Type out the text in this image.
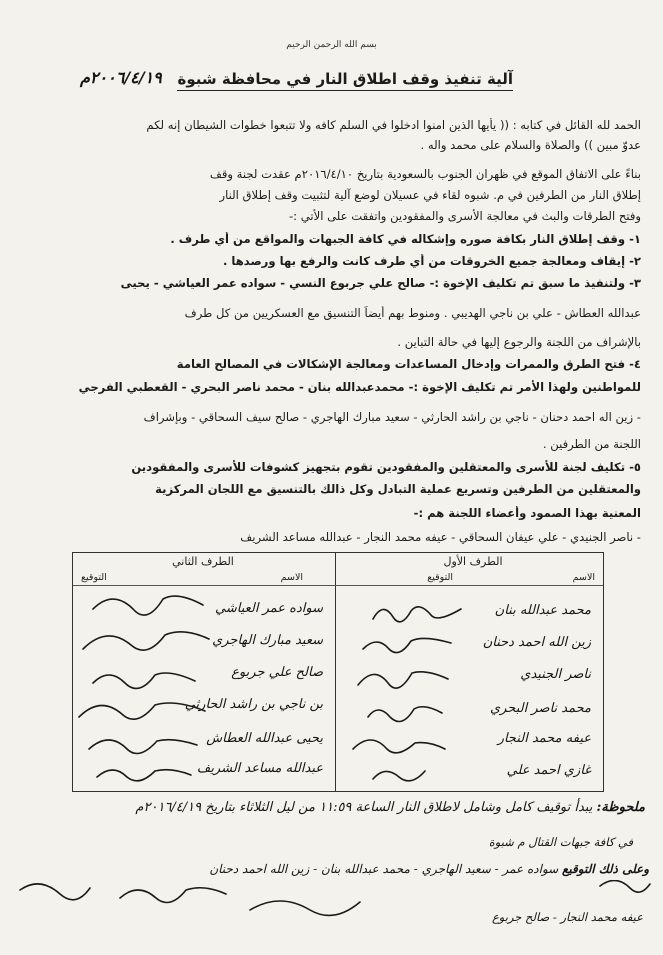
بسم الله الرحمن الرحيم
آلية تنفيذ وقف اطلاق النار في محافظة شبوة
٢٠٠٦/٤/١٩م
الحمد لله القائل في كتابه : (( يأيها الذين امنوا ادخلوا في السلم كافه ولا تتبعوا خطوات الشيطان إنه لكم
عدوّ مبين )) والصلاة والسلام على محمد واله .
بناءً على الاتفاق الموقع في ظهران الجنوب بالسعودية بتاريخ ٢٠١٦/٤/١٠م عقدت لجنة وقف
إطلاق النار من الطرفين في م. شبوه لقاء في عسيلان لوضع آلية لتثبيت وقف إطلاق النار
وفتح الطرقات والبث في معالجة الأسرى والمفقودين واتفقت على الأتي :-
١- وقف إطلاق النار بكافة صوره وإشكاله في كافة الجبهات والمواقع من أي طرف .
٢- إيقاف ومعالجة جميع الخروقات من أي طرف كانت والرفع بها ورصدها .
٣- ولتنفيذ ما سبق تم تكليف الإخوة :- صالح علي جربوع النسي - سواده عمر العياشي - يحيى
عبدالله العطاش - علي بن ناجي الهديبي . ومنوط بهم أيضاً التنسيق مع العسكريين من كل طرف
بالإشراف من اللجنة والرجوع إليها في حالة التباين .
٤- فتح الطرق والممرات وإدخال المساعدات ومعالجة الإشكالات في المصالح العامة
للمواطنين ولهذا الأمر تم تكليف الإخوة :- محمدعبدالله بنان - محمد ناصر البحري - القعطبي الفرجي
- زين اله احمد دحنان - ناجي بن راشد الحارثي - سعيد مبارك الهاجري - صالح سيف السحاقي - وبإشراف
اللجنة من الطرفين .
٥- تكليف لجنة للأسرى والمعتقلين والمفقودين تقوم بتجهيز كشوفات للأسرى والمفقودين
والمعتقلين من الطرفين وتسريع عملية التبادل وكل ذالك بالتنسيق مع اللجان المركزية
المعنية بهذا الصمود وأعضاء اللجنة هم :-
- ناصر الجنيدي - علي عيفان السحاقي - عيفه محمد النجار - عبدالله مساعد الشريف
الطرف الأول
الطرف الثاني
الاسم
التوقيع
الاسم
التوقيع
محمد عبدالله بنان
زين الله احمد دحنان
ناصر الجنيدي
محمد ناصر البحري
عيفه محمد النجار
غازي احمد علي
سواده عمر العياشي
سعيد مبارك الهاجري
صالح علي جربوع
بن ناجي بن راشد الحارثي
يحيى عبدالله العطاش
عبدالله مساعد الشريف
ملحوظة: يبدأ توقيف كامل وشامل لاطلاق النار الساعة ١١:٥٩ من ليل الثلاثاء بتاريخ ٢٠١٦/٤/١٩م
في كافة جبهات القتال م شبوة
وعلى ذلك التوقيع سواده عمر - سعيد الهاجري - محمد عبدالله بنان - زين الله احمد دحنان
عيفه محمد النجار - صالح جربوع
